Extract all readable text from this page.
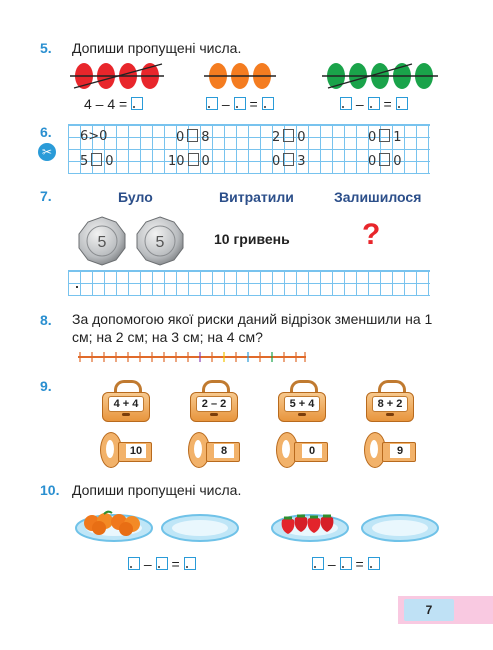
5. Допиши пропущені числа.
4 – 4 =	– =	– =
6.
✂
6>0	0 8	2 0	0 1
5 0	10 0	0 3	0 0
7.	Було	Витратили	Залишилося
5	5	10 гривень ?
8. За допомогою якої риски даний відрізок зменшили на 1 см; на 2 см; на 3 см; на 4 см?
9.
4 + 4	2 – 2	5 + 4	8 + 2
10	8	0	9
10. Допиши пропущені числа.
– =	– =
7
